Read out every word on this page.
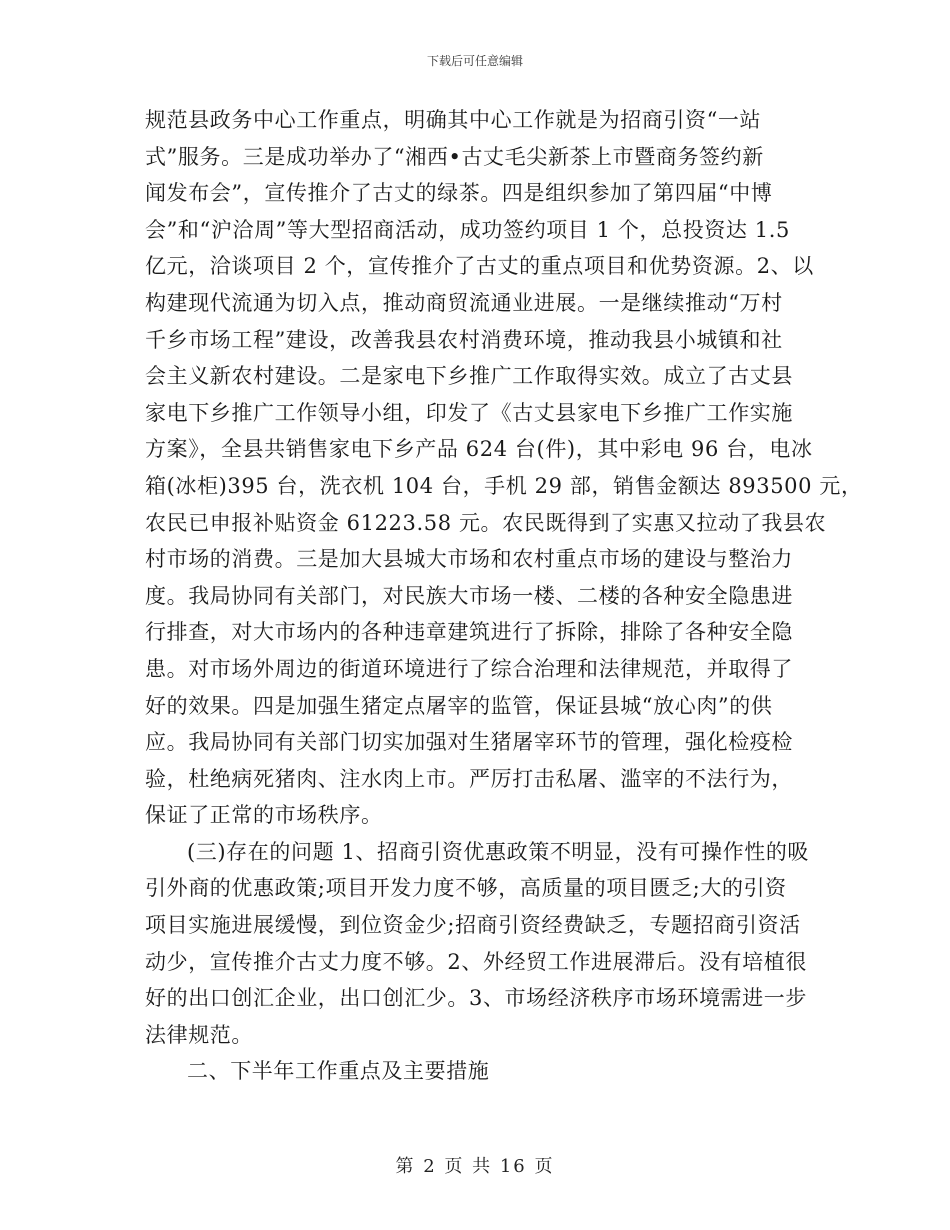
下载后可任意编辑

规范县政务中心工作重点，明确其中心工作就是为招商引资“一站
式”服务。三是成功举办了“湘西•古丈毛尖新茶上市暨商务签约新
闻发布会”，宣传推介了古丈的绿茶。四是组织参加了第四届“中博
会”和“沪洽周”等大型招商活动，成功签约项目 1 个，总投资达 1.5
亿元，洽谈项目 2 个，宣传推介了古丈的重点项目和优势资源。2、以
构建现代流通为切入点，推动商贸流通业进展。一是继续推动“万村
千乡市场工程”建设，改善我县农村消费环境，推动我县小城镇和社
会主义新农村建设。二是家电下乡推广工作取得实效。成立了古丈县
家电下乡推广工作领导小组，印发了《古丈县家电下乡推广工作实施
方案》，全县共销售家电下乡产品 624 台(件)，其中彩电 96 台，电冰
箱(冰柜)395 台，洗衣机 104 台，手机 29 部，销售金额达 893500 元，
农民已申报补贴资金 61223.58 元。农民既得到了实惠又拉动了我县农
村市场的消费。三是加大县城大市场和农村重点市场的建设与整治力
度。我局协同有关部门，对民族大市场一楼、二楼的各种安全隐患进
行排查，对大市场内的各种违章建筑进行了拆除，排除了各种安全隐
患。对市场外周边的街道环境进行了综合治理和法律规范，并取得了
好的效果。四是加强生猪定点屠宰的监管，保证县城“放心肉”的供
应。我局协同有关部门切实加强对生猪屠宰环节的管理，强化检疫检
验，杜绝病死猪肉、注水肉上市。严厉打击私屠、滥宰的不法行为，
保证了正常的市场秩序。

(三)存在的问题 1、招商引资优惠政策不明显，没有可操作性的吸
引外商的优惠政策;项目开发力度不够，高质量的项目匮乏;大的引资
项目实施进展缓慢，到位资金少;招商引资经费缺乏，专题招商引资活
动少，宣传推介古丈力度不够。2、外经贸工作进展滞后。没有培植很
好的出口创汇企业，出口创汇少。3、市场经济秩序市场环境需进一步
法律规范。

二、下半年工作重点及主要措施

第 2 页 共 16 页
